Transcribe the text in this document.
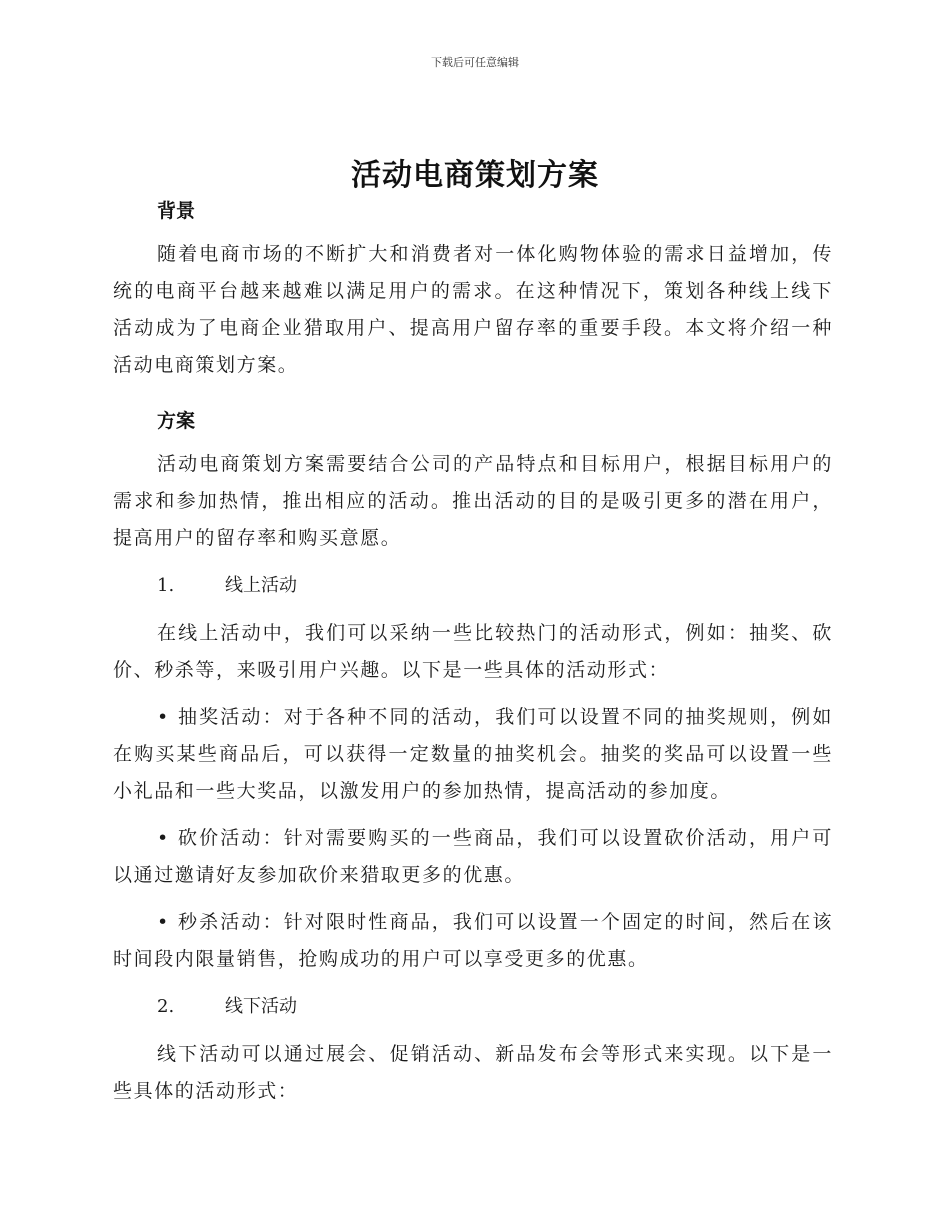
下载后可任意编辑
活动电商策划方案
背景

随着电商市场的不断扩大和消费者对一体化购物体验的需求日益增加，传统的电商平台越来越难以满足用户的需求。在这种情况下，策划各种线上线下活动成为了电商企业猎取用户、提高用户留存率的重要手段。本文将介绍一种活动电商策划方案。

方案

活动电商策划方案需要结合公司的产品特点和目标用户，根据目标用户的需求和参加热情，推出相应的活动。推出活动的目的是吸引更多的潜在用户，提高用户的留存率和购买意愿。

1.	线上活动

在线上活动中，我们可以采纳一些比较热门的活动形式，例如：抽奖、砍价、秒杀等，来吸引用户兴趣。以下是一些具体的活动形式：

• 抽奖活动：对于各种不同的活动，我们可以设置不同的抽奖规则，例如在购买某些商品后，可以获得一定数量的抽奖机会。抽奖的奖品可以设置一些小礼品和一些大奖品，以激发用户的参加热情，提高活动的参加度。

• 砍价活动：针对需要购买的一些商品，我们可以设置砍价活动，用户可以通过邀请好友参加砍价来猎取更多的优惠。

• 秒杀活动：针对限时性商品，我们可以设置一个固定的时间，然后在该时间段内限量销售，抢购成功的用户可以享受更多的优惠。

2.	线下活动

线下活动可以通过展会、促销活动、新品发布会等形式来实现。以下是一些具体的活动形式：
